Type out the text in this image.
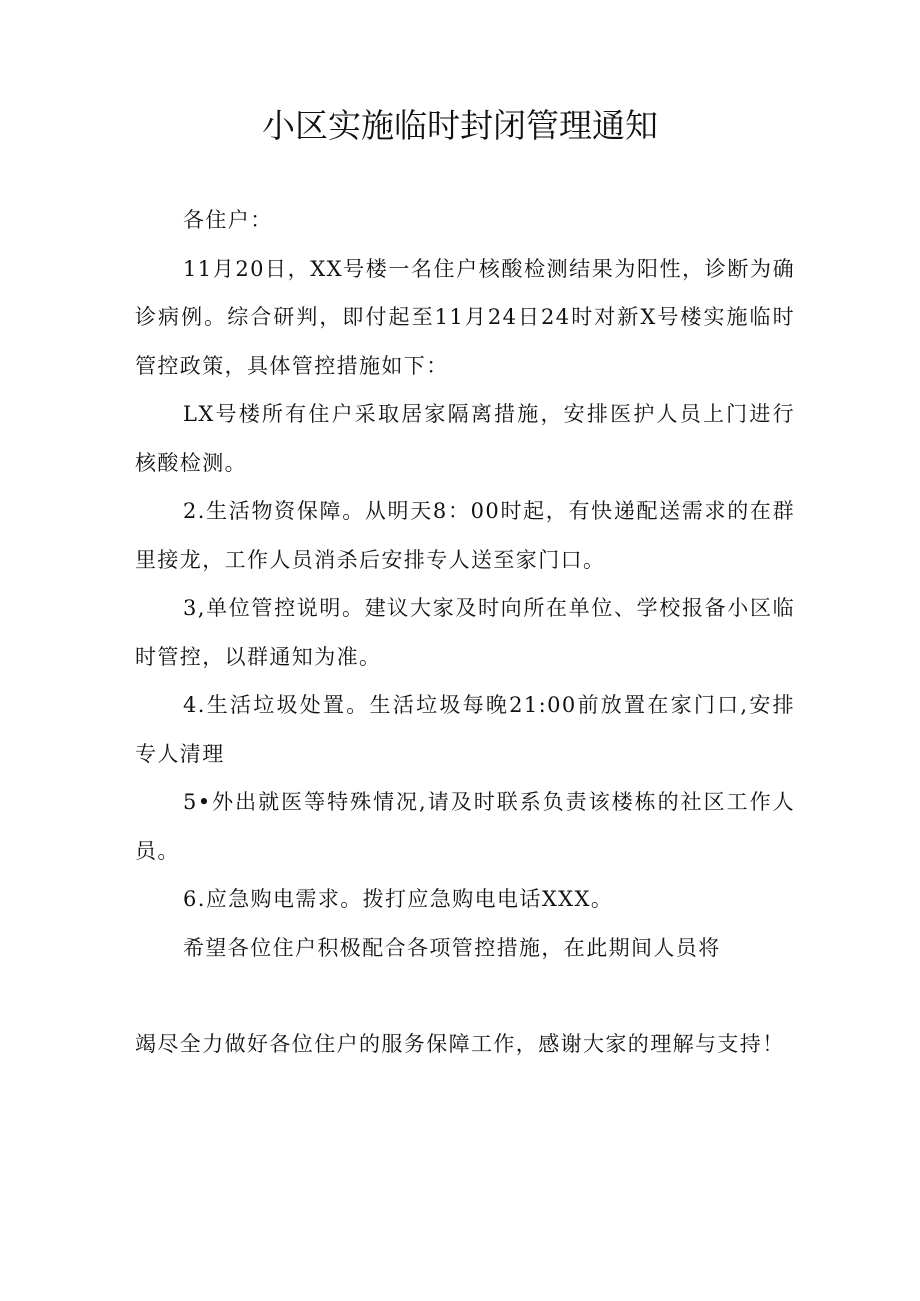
小区实施临时封闭管理通知

各住户：

11月20日，XX号楼一名住户核酸检测结果为阳性，诊断为确诊病例。综合研判，即付起至11月24日24时对新X号楼实施临时管控政策，具体管控措施如下：

LX号楼所有住户采取居家隔离措施，安排医护人员上门进行核酸检测。

2.生活物资保障。从明天8：00时起，有快递配送需求的在群里接龙，工作人员消杀后安排专人送至家门口。

3,单位管控说明。建议大家及时向所在单位、学校报备小区临时管控，以群通知为准。

4.生活垃圾处置。生活垃圾每晚21:00前放置在家门口,安排专人清理

5•外出就医等特殊情况,请及时联系负责该楼栋的社区工作人员。

6.应急购电需求。拨打应急购电电话XXX。

希望各位住户积极配合各项管控措施，在此期间人员将

竭尽全力做好各位住户的服务保障工作，感谢大家的理解与支持！
